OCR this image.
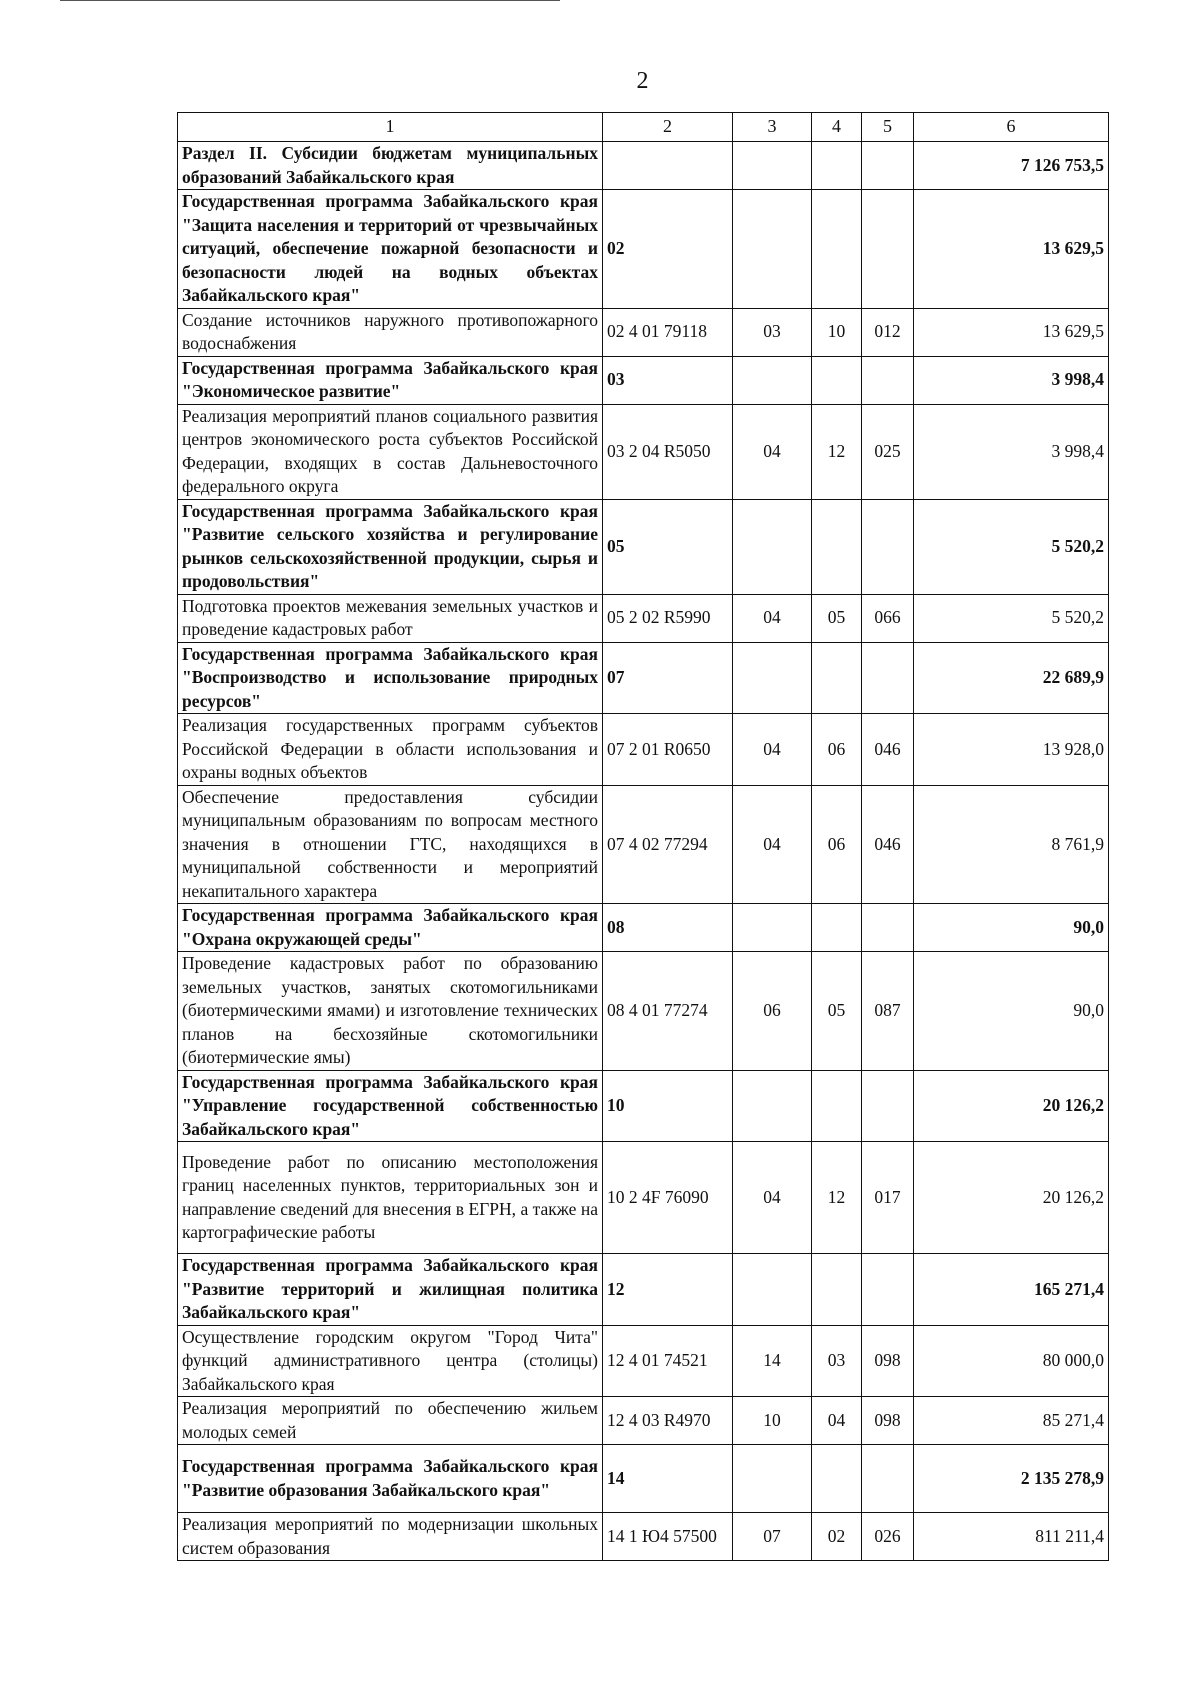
2
1	2	3	4	5	6
Раздел II. Субсидии бюджетам муниципальных образований Забайкальского края					7 126 753,5
Государственная программа Забайкальского края "Защита населения и территорий от чрезвычайных ситуаций, обеспечение пожарной безопасности и безопасности людей на водных объектах Забайкальского края"	02				13 629,5
Создание источников наружного противопожарного водоснабжения	02 4 01 79118	03	10	012	13 629,5
Государственная программа Забайкальского края "Экономическое развитие"	03				3 998,4
Реализация мероприятий планов социального развития центров экономического роста субъектов Российской Федерации, входящих в состав Дальневосточного федерального округа	03 2 04 R5050	04	12	025	3 998,4
Государственная программа Забайкальского края "Развитие сельского хозяйства и регулирование рынков сельскохозяйственной продукции, сырья и продовольствия"	05				5 520,2
Подготовка проектов межевания земельных участков и проведение кадастровых работ	05 2 02 R5990	04	05	066	5 520,2
Государственная программа Забайкальского края "Воспроизводство и использование природных ресурсов"	07				22 689,9
Реализация государственных программ субъектов Российской Федерации в области использования и охраны водных объектов	07 2 01 R0650	04	06	046	13 928,0
Обеспечение предоставления субсидии муниципальным образованиям по вопросам местного значения в отношении ГТС, находящихся в муниципальной собственности и мероприятий некапитального характера	07 4 02 77294	04	06	046	8 761,9
Государственная программа Забайкальского края "Охрана окружающей среды"	08				90,0
Проведение кадастровых работ по образованию земельных участков, занятых скотомогильниками (биотермическими ямами) и изготовление технических планов на бесхозяйные скотомогильники (биотермические ямы)	08 4 01 77274	06	05	087	90,0
Государственная программа Забайкальского края "Управление государственной собственностью Забайкальского края"	10				20 126,2
Проведение работ по описанию местоположения границ населенных пунктов, территориальных зон и направление сведений для внесения в ЕГРН, а также на картографические работы	10 2 4F 76090	04	12	017	20 126,2
Государственная программа Забайкальского края "Развитие территорий и жилищная политика Забайкальского края"	12				165 271,4
Осуществление городским округом "Город Чита" функций административного центра (столицы) Забайкальского края	12 4 01 74521	14	03	098	80 000,0
Реализация мероприятий по обеспечению жильем молодых семей	12 4 03 R4970	10	04	098	85 271,4
Государственная программа Забайкальского края "Развитие образования Забайкальского края"	14				2 135 278,9
Реализация мероприятий по модернизации школьных систем образования	14 1 Ю4 57500	07	02	026	811 211,4
